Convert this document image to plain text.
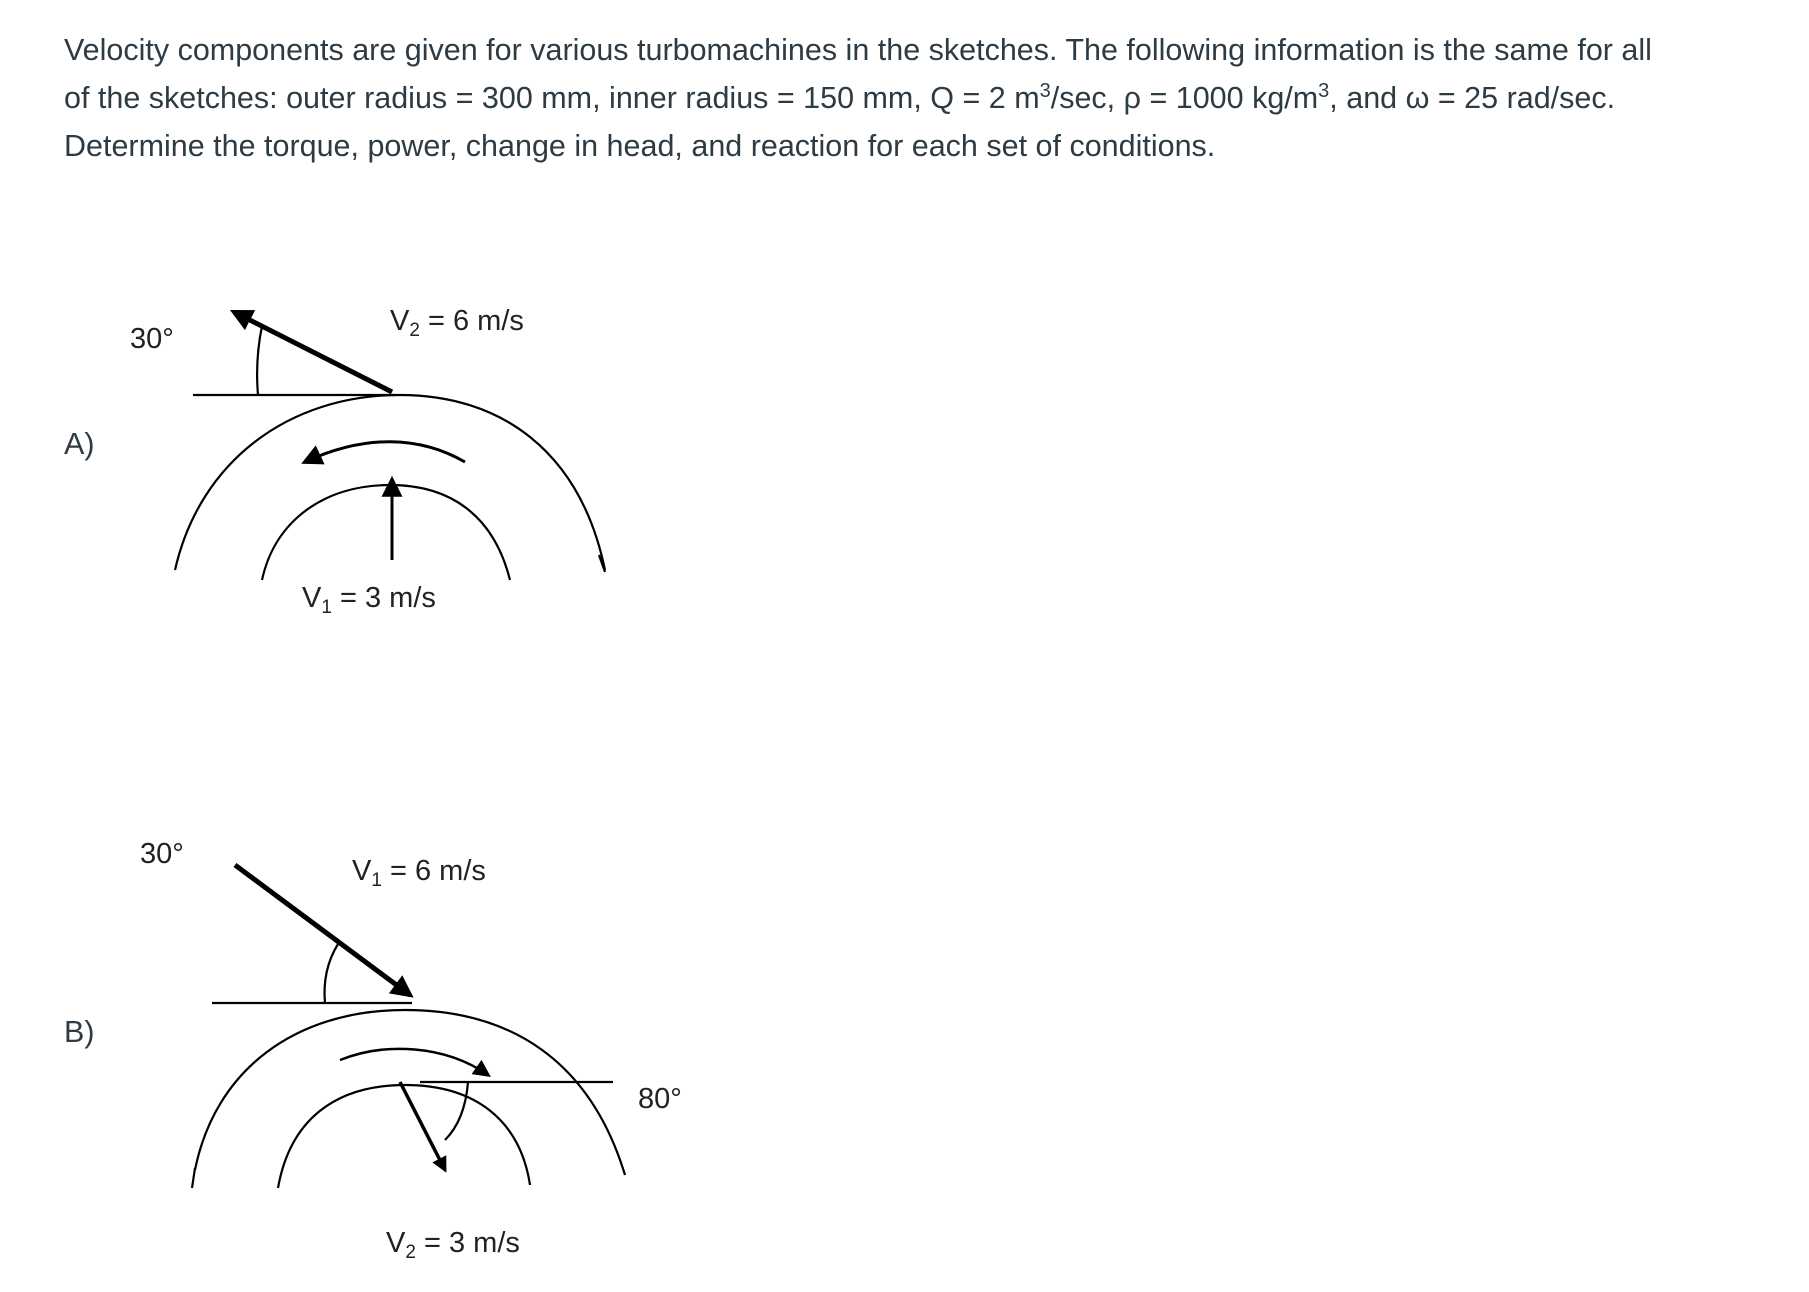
Velocity components are given for various turbomachines in the sketches. The following information is the same for all
of the sketches: outer radius = 300 mm, inner radius = 150 mm, Q = 2 $m^3/\sec$, ρ = 1000 $kg/m^3$, and ω = 25 rad/sec.
Determine the torque, power, change in head, and reaction for each set of conditions.

A)
B)
30°
$V_2 = 6$ m/s
$V_1 = 3$ m/s
30°
$V_1 = 6$ m/s
80°
$V_2 = 3$ m/s
